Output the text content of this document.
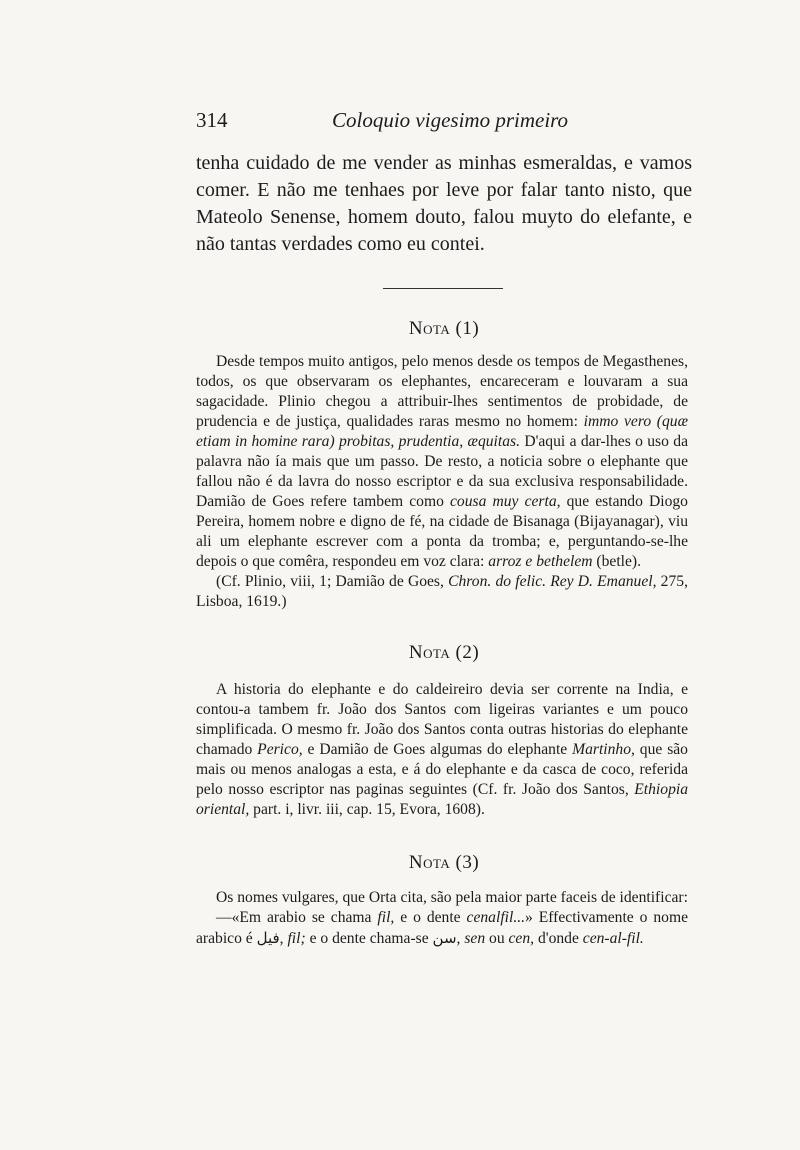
314	Coloquio vigesimo primeiro

tenha cuidado de me vender as minhas esmeraldas, e vamos comer. E não me tenhaes por leve por falar tanto nisto, que Mateolo Senense, homem douto, falou muyto do elefante, e não tantas verdades como eu contei.

Nota (1)

Desde tempos muito antigos, pelo menos desde os tempos de Megasthenes, todos, os que observaram os elephantes, encareceram e louvaram a sua sagacidade. Plinio chegou a attribuir-lhes sentimentos de probidade, de prudencia e de justiça, qualidades raras mesmo no homem: immo vero (quæ etiam in homine rara) probitas, prudentia, æquitas. D'aqui a dar-lhes o uso da palavra não ía mais que um passo. De resto, a noticia sobre o elephante que fallou não é da lavra do nosso escriptor e da sua exclusiva responsabilidade. Damião de Goes refere tambem como cousa muy certa, que estando Diogo Pereira, homem nobre e digno de fé, na cidade de Bisanaga (Bijayanagar), viu ali um elephante escrever com a ponta da tromba; e, perguntando-se-lhe depois o que comêra, respondeu em voz clara: arroz e bethelem (betle).

(Cf. Plinio, viii, 1; Damião de Goes, Chron. do felic. Rey D. Emanuel, 275, Lisboa, 1619.)

Nota (2)

A historia do elephante e do caldeireiro devia ser corrente na India, e contou-a tambem fr. João dos Santos com ligeiras variantes e um pouco simplificada. O mesmo fr. João dos Santos conta outras historias do elephante chamado Perico, e Damião de Goes algumas do elephante Martinho, que são mais ou menos analogas a esta, e á do elephante e da casca de coco, referida pelo nosso escriptor nas paginas seguintes (Cf. fr. João dos Santos, Ethiopia oriental, part. i, livr. iii, cap. 15, Evora, 1608).

Nota (3)

Os nomes vulgares, que Orta cita, são pela maior parte faceis de identificar:

—«Em arabio se chama fil, e o dente cenalfil...» Effectivamente o nome arabico é فيل, fil; e o dente chama-se سن, sen ou cen, d'onde cen-al-fil.
